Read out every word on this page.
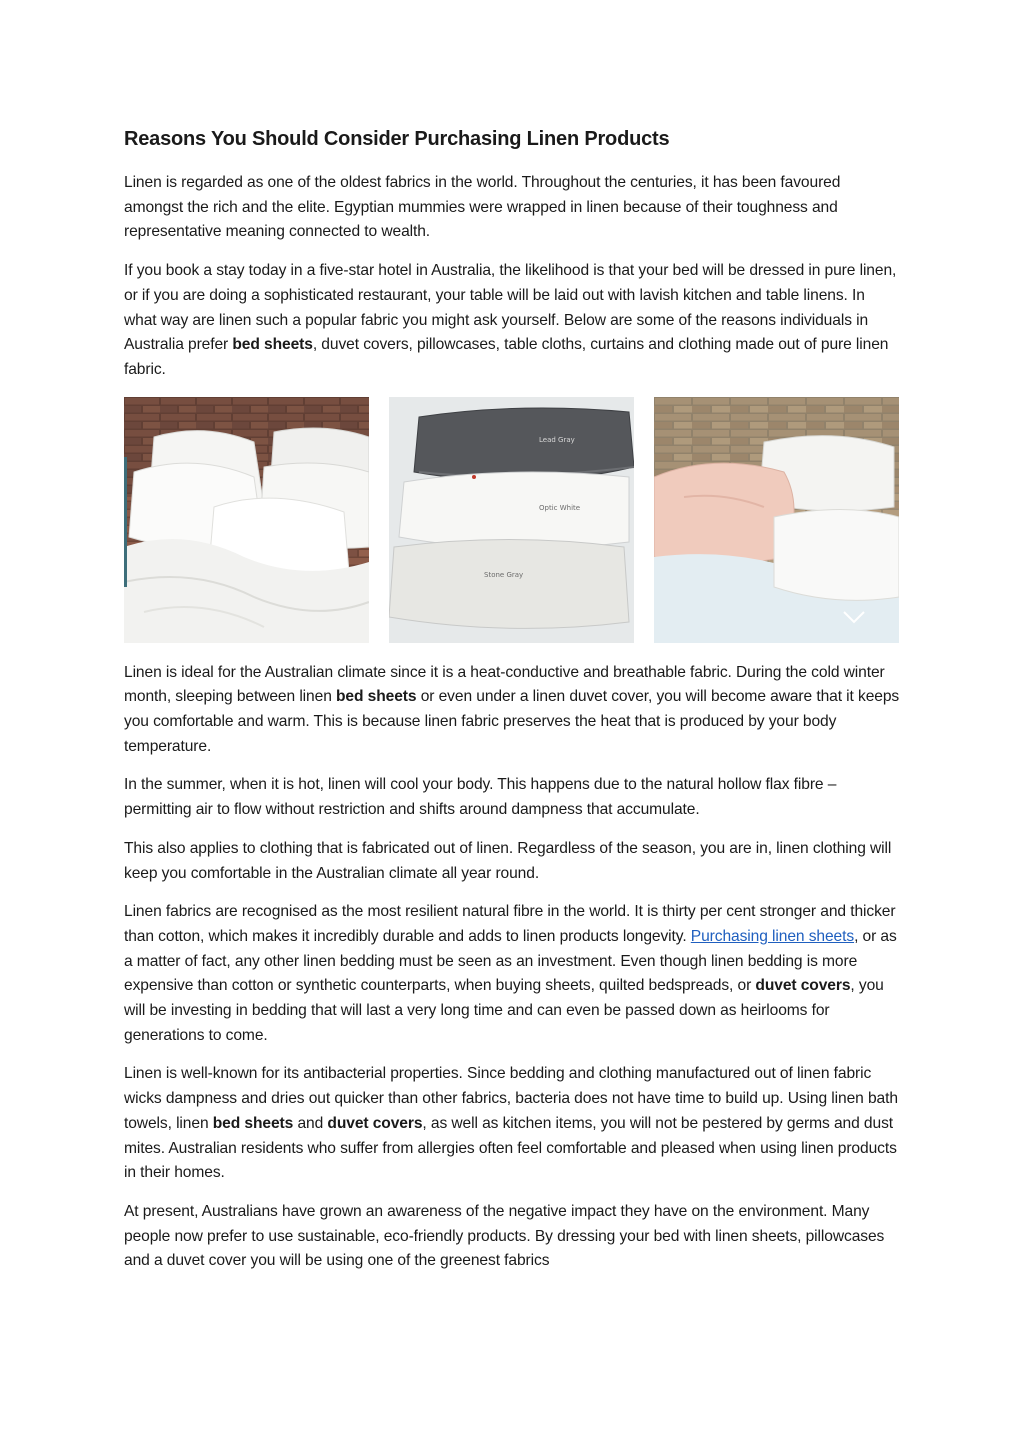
Reasons You Should Consider Purchasing Linen Products

Linen is regarded as one of the oldest fabrics in the world. Throughout the centuries, it has been favoured amongst the rich and the elite. Egyptian mummies were wrapped in linen because of their toughness and representative meaning connected to wealth.

If you book a stay today in a five-star hotel in Australia, the likelihood is that your bed will be dressed in pure linen, or if you are doing a sophisticated restaurant, your table will be laid out with lavish kitchen and table linens. In what way are linen such a popular fabric you might ask yourself. Below are some of the reasons individuals in Australia prefer bed sheets, duvet covers, pillowcases, table cloths, curtains and clothing made out of pure linen fabric.

Lead Gray
Optic White
Stone Gray

Linen is ideal for the Australian climate since it is a heat-conductive and breathable fabric. During the cold winter month, sleeping between linen bed sheets or even under a linen duvet cover, you will become aware that it keeps you comfortable and warm. This is because linen fabric preserves the heat that is produced by your body temperature.

In the summer, when it is hot, linen will cool your body. This happens due to the natural hollow flax fibre – permitting air to flow without restriction and shifts around dampness that accumulate.

This also applies to clothing that is fabricated out of linen. Regardless of the season, you are in, linen clothing will keep you comfortable in the Australian climate all year round.

Linen fabrics are recognised as the most resilient natural fibre in the world. It is thirty per cent stronger and thicker than cotton, which makes it incredibly durable and adds to linen products longevity. Purchasing linen sheets, or as a matter of fact, any other linen bedding must be seen as an investment. Even though linen bedding is more expensive than cotton or synthetic counterparts, when buying sheets, quilted bedspreads, or duvet covers, you will be investing in bedding that will last a very long time and can even be passed down as heirlooms for generations to come.

Linen is well-known for its antibacterial properties. Since bedding and clothing manufactured out of linen fabric wicks dampness and dries out quicker than other fabrics, bacteria does not have time to build up. Using linen bath towels, linen bed sheets and duvet covers, as well as kitchen items, you will not be pestered by germs and dust mites. Australian residents who suffer from allergies often feel comfortable and pleased when using linen products in their homes.

At present, Australians have grown an awareness of the negative impact they have on the environment. Many people now prefer to use sustainable, eco-friendly products. By dressing your bed with linen sheets, pillowcases and a duvet cover you will be using one of the greenest fabrics
